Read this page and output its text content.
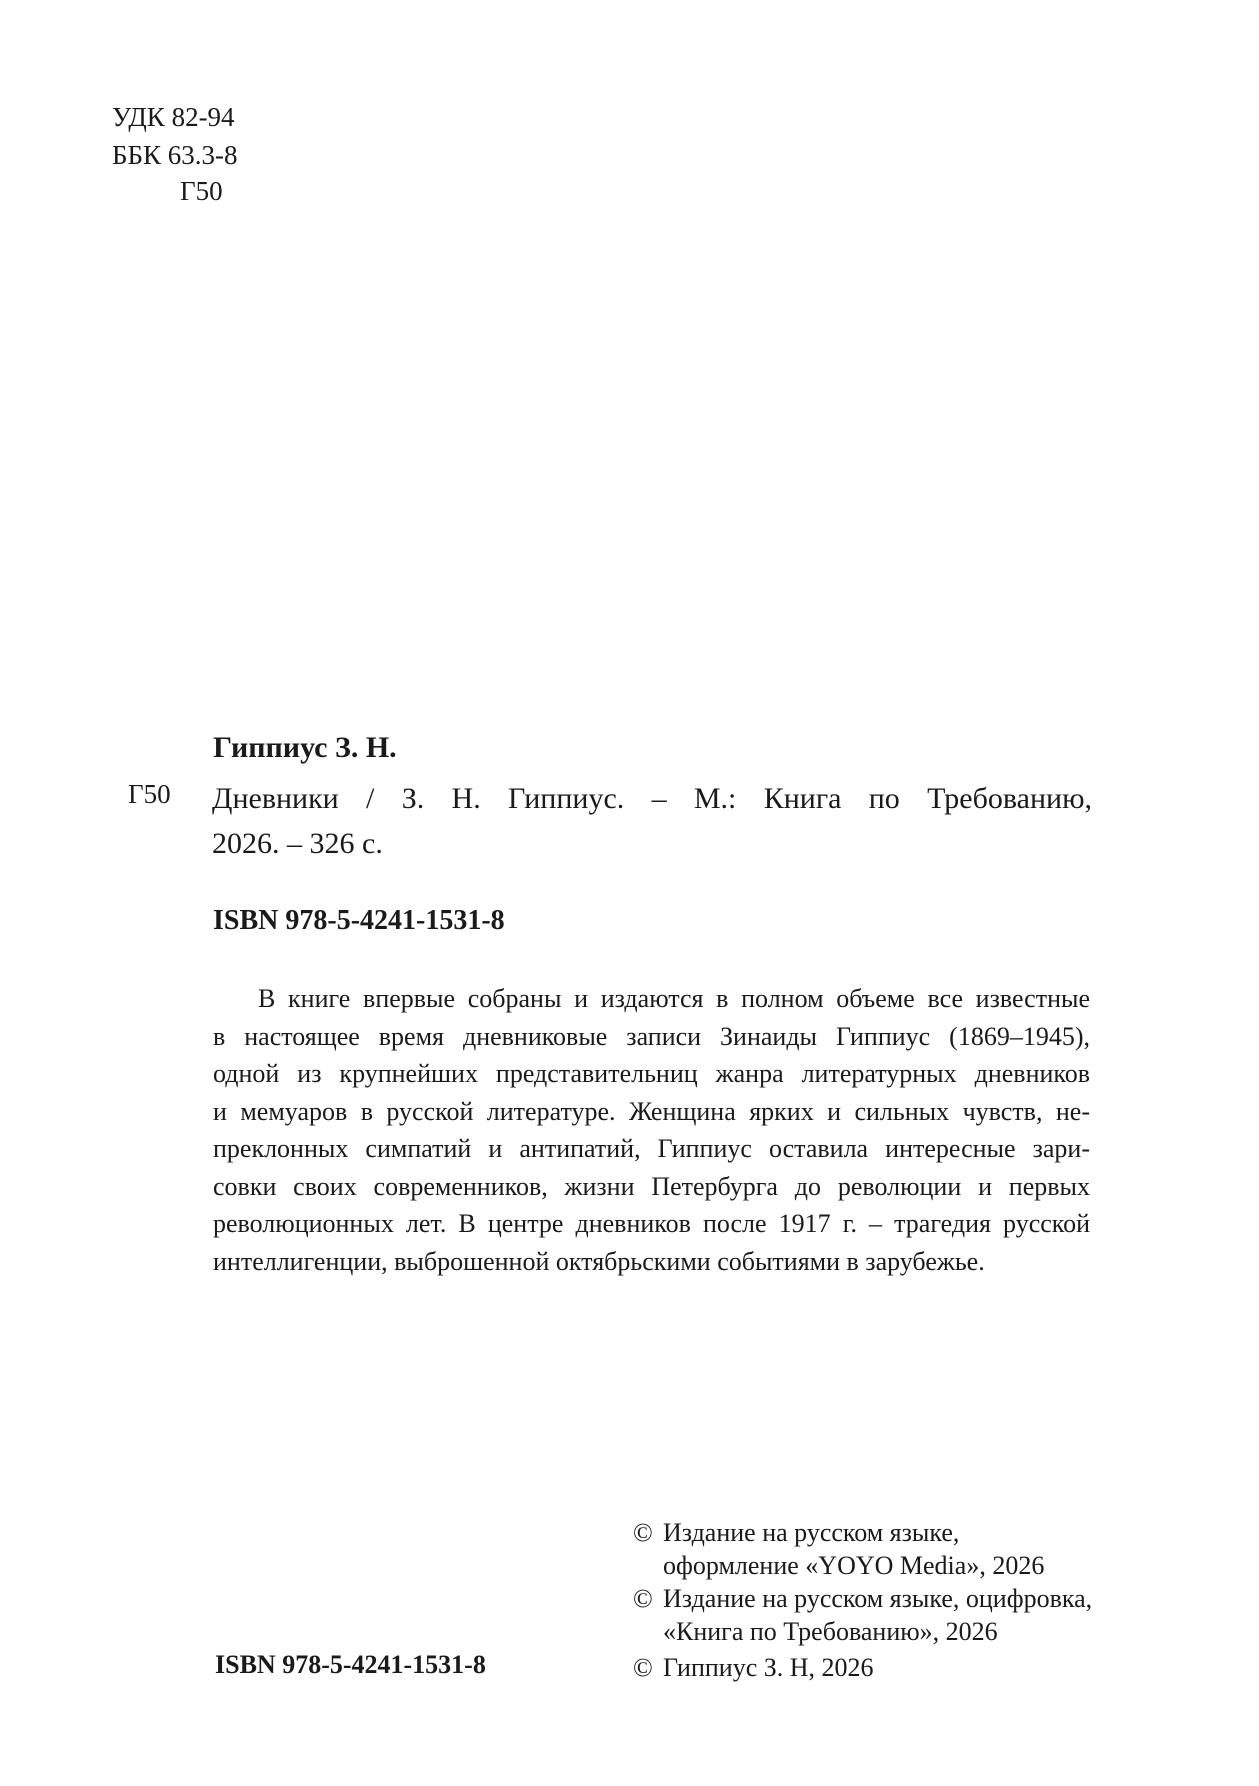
УДК 82-94
ББК 63.3-8
Г50
Гиппиус З. Н.
Г50 Дневники / З. Н. Гиппиус. – М.: Книга по Требованию,
2026. – 326 с.
ISBN 978-5-4241-1531-8
В книге впервые собраны и издаются в полном объеме все известные
в настоящее время дневниковые записи Зинаиды Гиппиус (1869–1945),
одной из крупнейших представительниц жанра литературных дневников
и мемуаров в русской литературе. Женщина ярких и сильных чувств, не-
преклонных симпатий и антипатий, Гиппиус оставила интересные зари-
совки своих современников, жизни Петербурга до революции и первых
революционных лет. В центре дневников после 1917 г. – трагедия русской
интеллигенции, выброшенной октябрьскими событиями в зарубежье.
ISBN 978-5-4241-1531-8
© Издание на русском языке,
оформление «YOYO Media», 2026
© Издание на русском языке, оцифровка,
«Книга по Требованию», 2026
© Гиппиус З. Н, 2026
